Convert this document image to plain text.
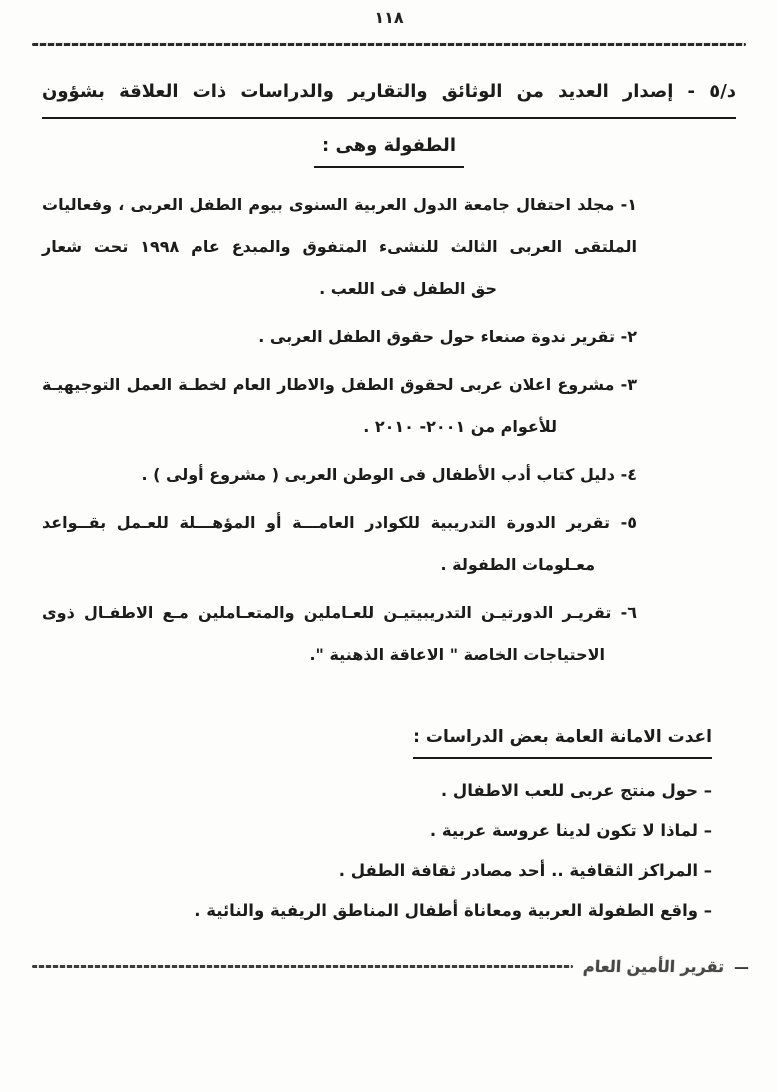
١١٨
د/٥ - إصدار العديد من الوثائق والتقارير والدراسات ذات العلاقة بشؤون
الطفولة وهى :
١- مجلد احتفال جامعة الدول العربية السنوى بيوم الطفل العربى ، وفعاليات
الملتقى العربى الثالث للنشىء المتفوق والمبدع عام ١٩٩٨ تحت شعار
حق الطفل فى اللعب .
٢- تقرير ندوة صنعاء حول حقوق الطفل العربى .
٣- مشروع اعلان عربى لحقوق الطفل والاطار العام لخطـة العمل التوجيهيـة
للأعوام من ٢٠٠١- ٢٠١٠ .
٤- دليل كتاب أدب الأطفال فى الوطن العربى ( مشروع أولى ) .
٥- تقرير الدورة التدريبية للكوادر العامـــة أو المؤهـــلة للعـمل بقــواعد
معـلومات الطفولة .
٦- تقريـر الدورتيـن التدريبيتيـن للعـاملين والمتعـاملين مـع الاطفـال ذوى
الاحتياجات الخاصة " الاعاقة الذهنية ".
اعدت الامانة العامة بعض الدراسات :
– حول منتج عربى للعب الاطفال .
– لماذا لا تكون لدينا عروسة عربية .
– المراكز الثقافية .. أحد مصادر ثقافة الطفل .
– واقع الطفولة العربية ومعاناة أطفال المناطق الريفية والنائية .
—
تقرير الأمين العام
